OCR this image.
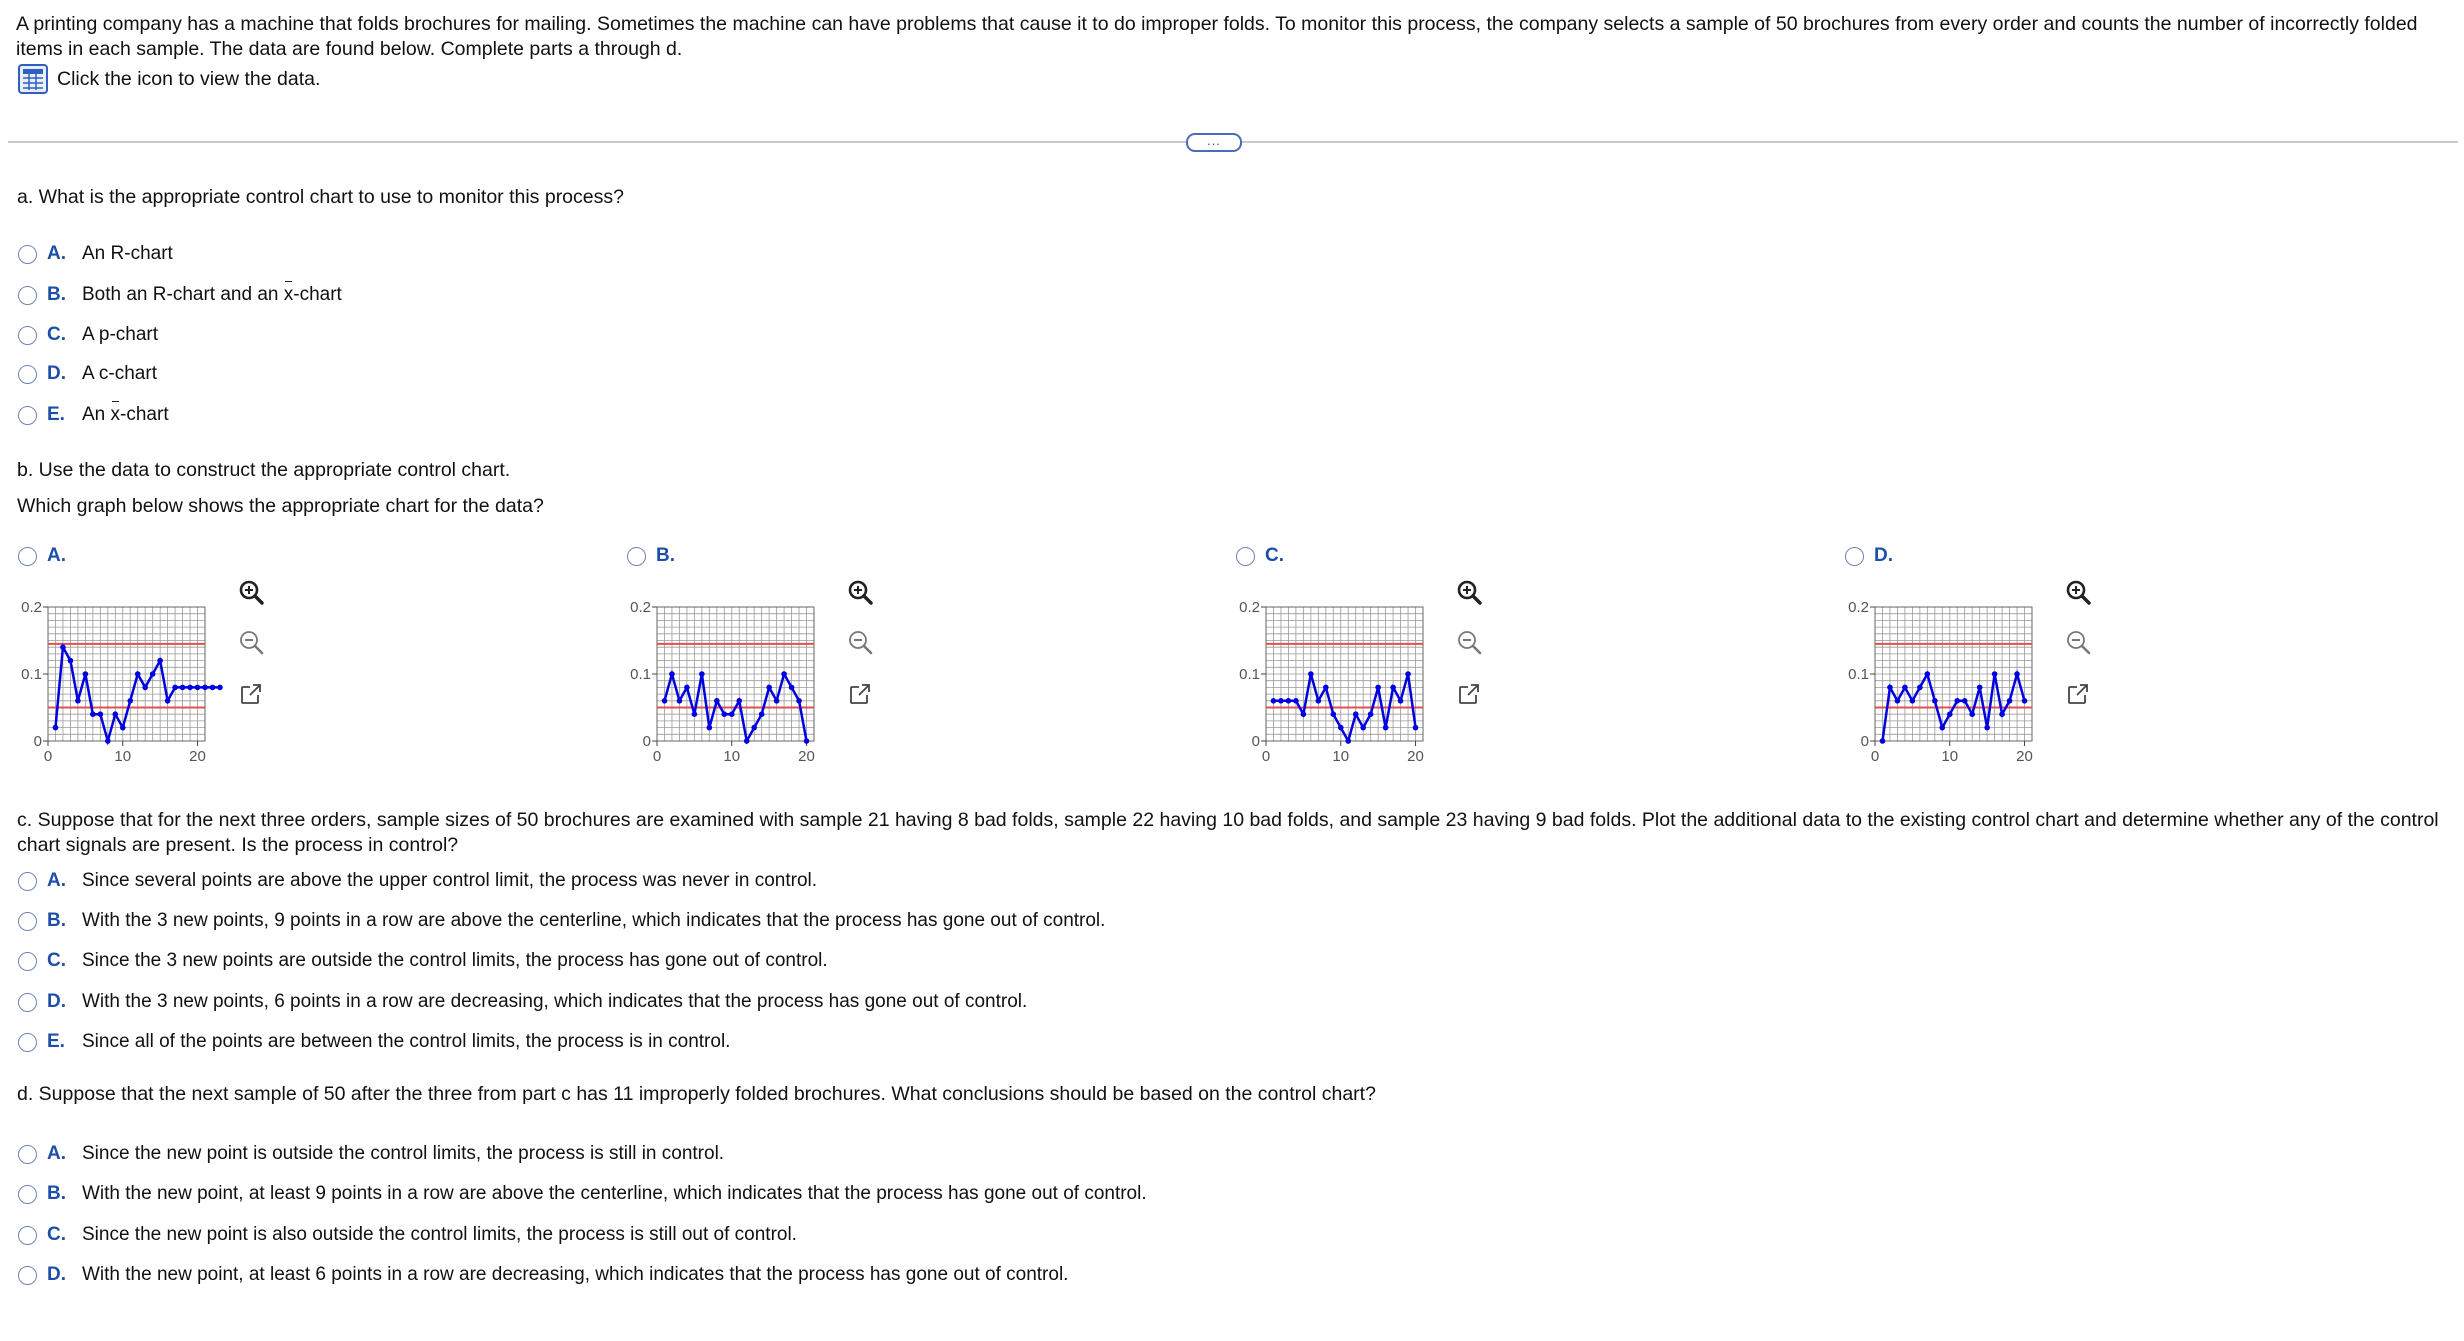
A printing company has a machine that folds brochures for mailing. Sometimes the machine can have problems that cause it to do improper folds. To monitor this process, the company selects a sample of 50 brochures from every order and counts the number of incorrectly folded items in each sample. The data are found below. Complete parts a through d.
Click the icon to view the data.
...
a. What is the appropriate control chart to use to monitor this process?
A. An R-chart
B. Both an R-chart and an x-chart
C. A p-chart
D. A c-chart
E. An x-chart
b. Use the data to construct the appropriate control chart.
Which graph below shows the appropriate chart for the data?
A.
0
0.1
0.2
0	10	20
B.
0
0.1
0.2
0	10	20
C.
0
0.1
0.2
0	10	20
D.
0
0.1
0.2
0	10	20
c. Suppose that for the next three orders, sample sizes of 50 brochures are examined with sample 21 having 8 bad folds, sample 22 having 10 bad folds, and sample 23 having 9 bad folds. Plot the additional data to the existing control chart and determine whether any of the control chart signals are present. Is the process in control?
A. Since several points are above the upper control limit, the process was never in control.
B. With the 3 new points, 9 points in a row are above the centerline, which indicates that the process has gone out of control.
C. Since the 3 new points are outside the control limits, the process has gone out of control.
D. With the 3 new points, 6 points in a row are decreasing, which indicates that the process has gone out of control.
E. Since all of the points are between the control limits, the process is in control.
d. Suppose that the next sample of 50 after the three from part c has 11 improperly folded brochures. What conclusions should be based on the control chart?
A. Since the new point is outside the control limits, the process is still in control.
B. With the new point, at least 9 points in a row are above the centerline, which indicates that the process has gone out of control.
C. Since the new point is also outside the control limits, the process is still out of control.
D. With the new point, at least 6 points in a row are decreasing, which indicates that the process has gone out of control.
